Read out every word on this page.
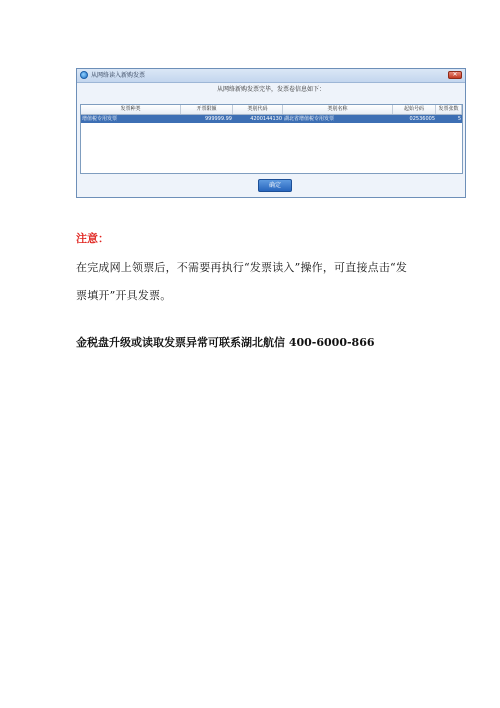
从网络读入新购发票	✕
从网络新购发票完毕，发票卷信息如下：
发票种类	开票限额	类别代码	类别名称	起始号码	发票张数
增值税专用发票	999999.99	4200144130 湖北省增值税专用发票	02536005	5
确定
注意：
在完成网上领票后，不需要再执行“发票读入”操作，可直接点击“发
票填开”开具发票。
金税盘升级或读取发票异常可联系湖北航信 400-6000-866
